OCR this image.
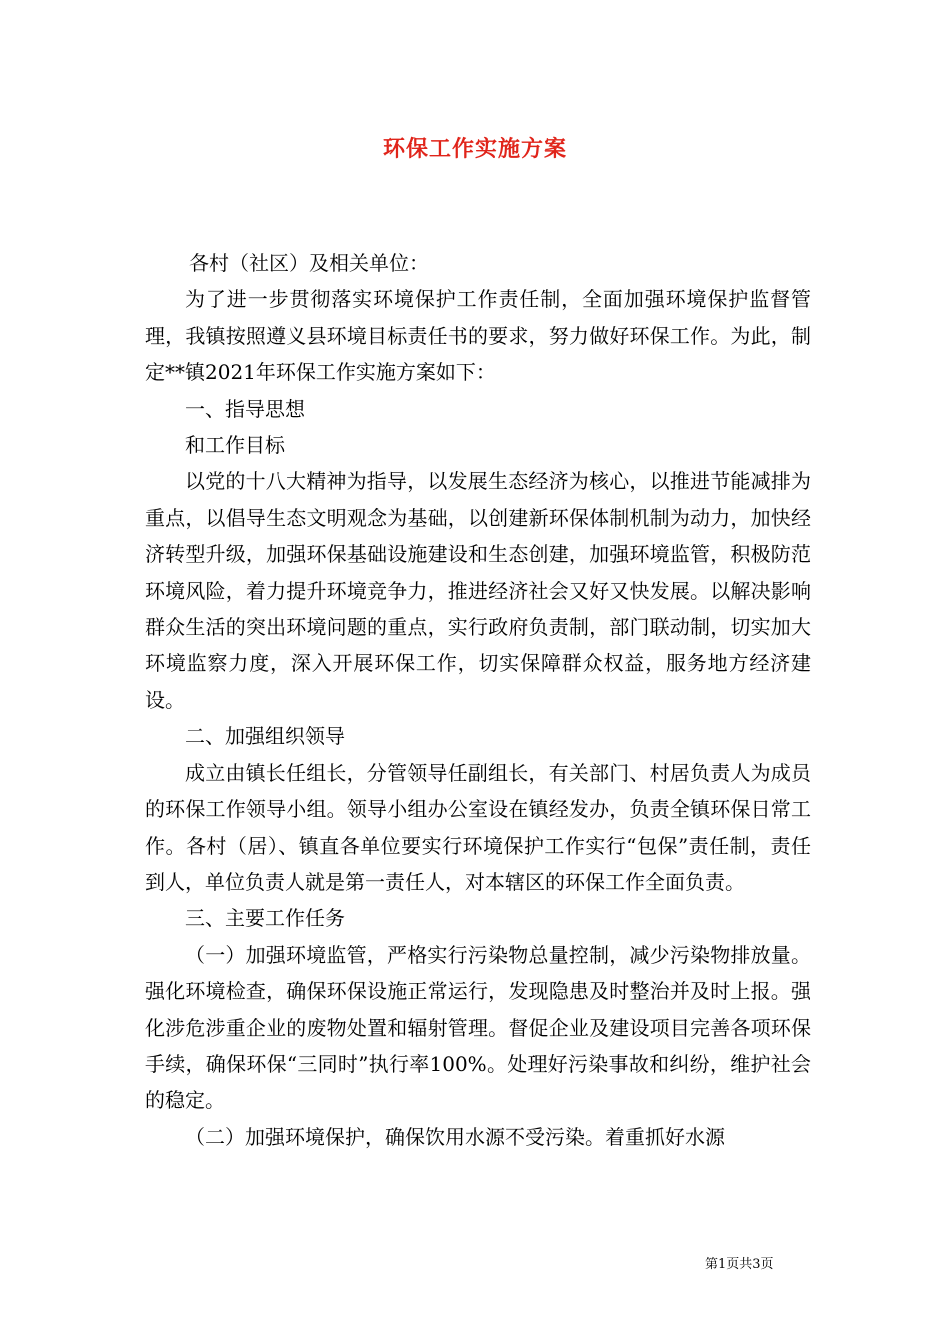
环保工作实施方案

各村（社区）及相关单位：

为了进一步贯彻落实环境保护工作责任制，全面加强环境保护监督管理，我镇按照遵义县环境目标责任书的要求，努力做好环保工作。为此，制定**镇2021年环保工作实施方案如下：

一、指导思想

和工作目标

以党的十八大精神为指导，以发展生态经济为核心，以推进节能减排为重点，以倡导生态文明观念为基础，以创建新环保体制机制为动力，加快经济转型升级，加强环保基础设施建设和生态创建，加强环境监管，积极防范环境风险，着力提升环境竞争力，推进经济社会又好又快发展。以解决影响群众生活的突出环境问题的重点，实行政府负责制，部门联动制，切实加大环境监察力度，深入开展环保工作，切实保障群众权益，服务地方经济建设。

二、加强组织领导

成立由镇长任组长，分管领导任副组长，有关部门、村居负责人为成员的环保工作领导小组。领导小组办公室设在镇经发办，负责全镇环保日常工作。各村（居）、镇直各单位要实行环境保护工作实行“包保”责任制，责任到人，单位负责人就是第一责任人，对本辖区的环保工作全面负责。

三、主要工作任务

（一）加强环境监管，严格实行污染物总量控制，减少污染物排放量。强化环境检查，确保环保设施正常运行，发现隐患及时整治并及时上报。强化涉危涉重企业的废物处置和辐射管理。督促企业及建设项目完善各项环保手续，确保环保“三同时”执行率100%。处理好污染事故和纠纷，维护社会的稳定。

（二）加强环境保护，确保饮用水源不受污染。着重抓好水源

第1页共3页
